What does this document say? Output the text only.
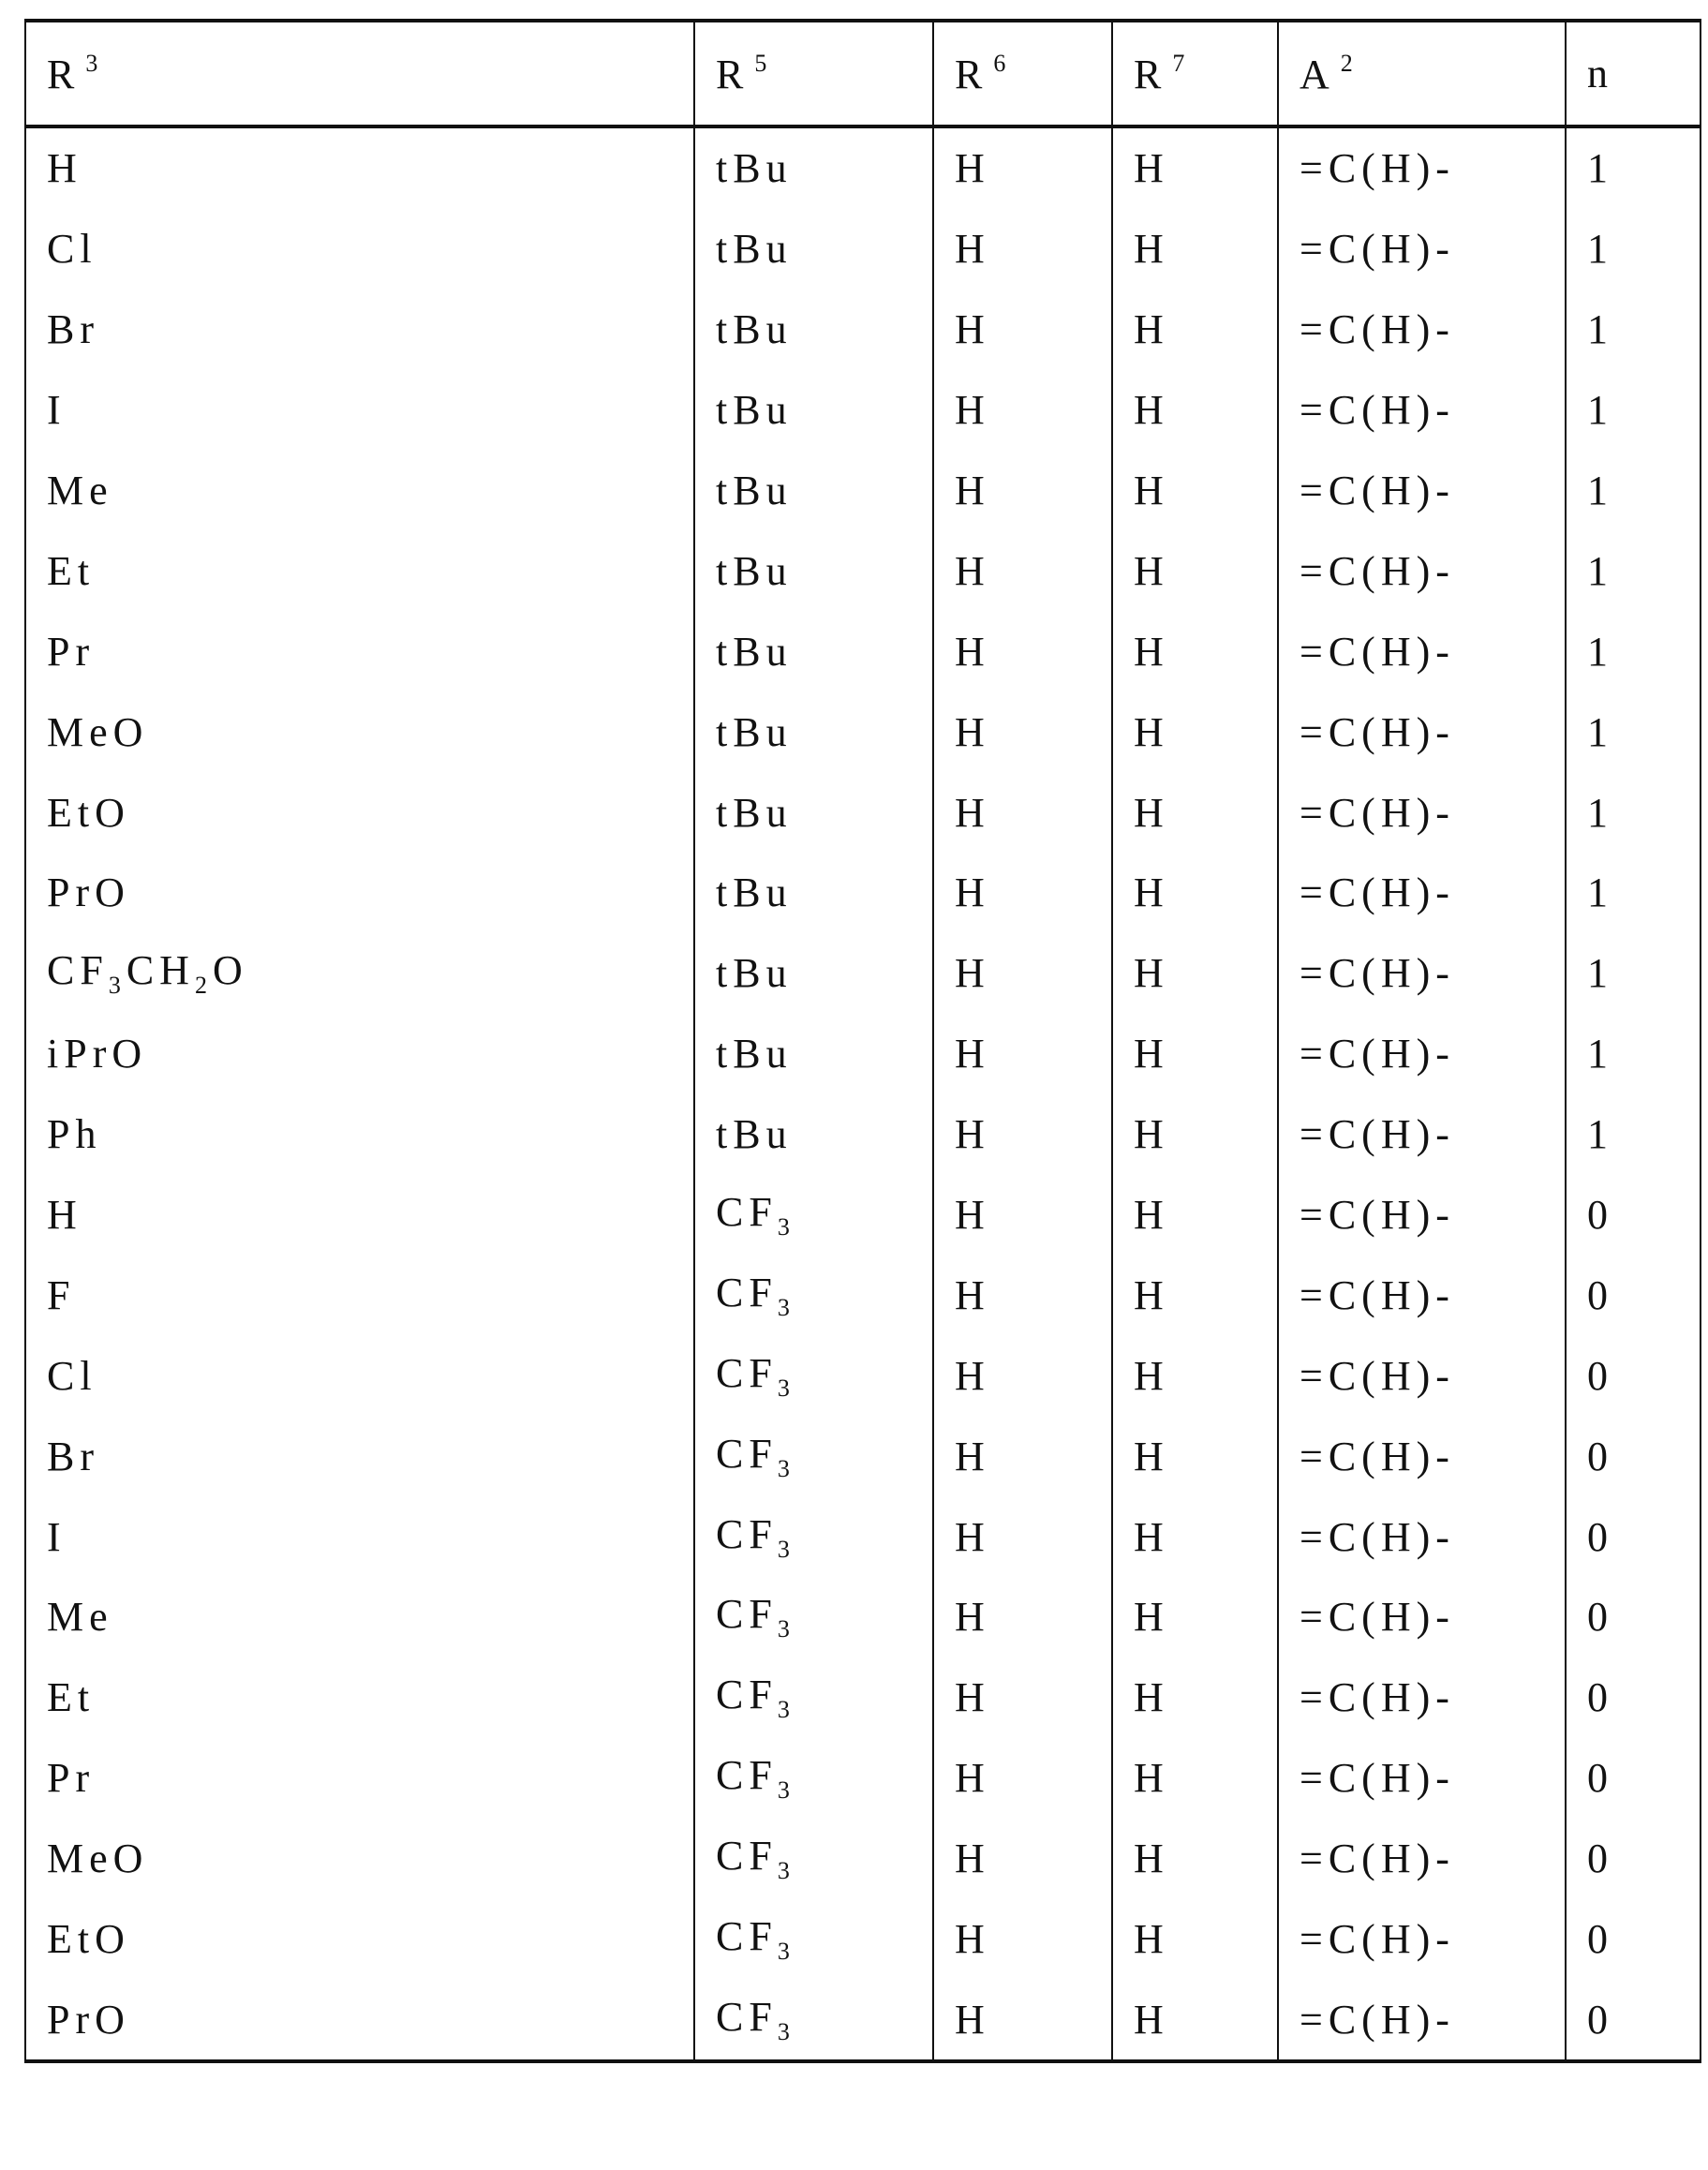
R $^3$	R $^5$	R $^6$	R $^7$	A $^2$	n
H	tBu	H	H	=C(H)-	1
Cl	tBu	H	H	=C(H)-	1
Br	tBu	H	H	=C(H)-	1
I	tBu	H	H	=C(H)-	1
Me	tBu	H	H	=C(H)-	1
Et	tBu	H	H	=C(H)-	1
Pr	tBu	H	H	=C(H)-	1
MeO	tBu	H	H	=C(H)-	1
EtO	tBu	H	H	=C(H)-	1
PrO	tBu	H	H	=C(H)-	1
$CF_3CH_2O$	tBu	H	H	=C(H)-	1
iPrO	tBu	H	H	=C(H)-	1
Ph	tBu	H	H	=C(H)-	1
H	$CF_3$	H	H	=C(H)-	0
F	$CF_3$	H	H	=C(H)-	0
Cl	$CF_3$	H	H	=C(H)-	0
Br	$CF_3$	H	H	=C(H)-	0
I	$CF_3$	H	H	=C(H)-	0
Me	$CF_3$	H	H	=C(H)-	0
Et	$CF_3$	H	H	=C(H)-	0
Pr	$CF_3$	H	H	=C(H)-	0
MeO	$CF_3$	H	H	=C(H)-	0
EtO	$CF_3$	H	H	=C(H)-	0
PrO	$CF_3$	H	H	=C(H)-	0
